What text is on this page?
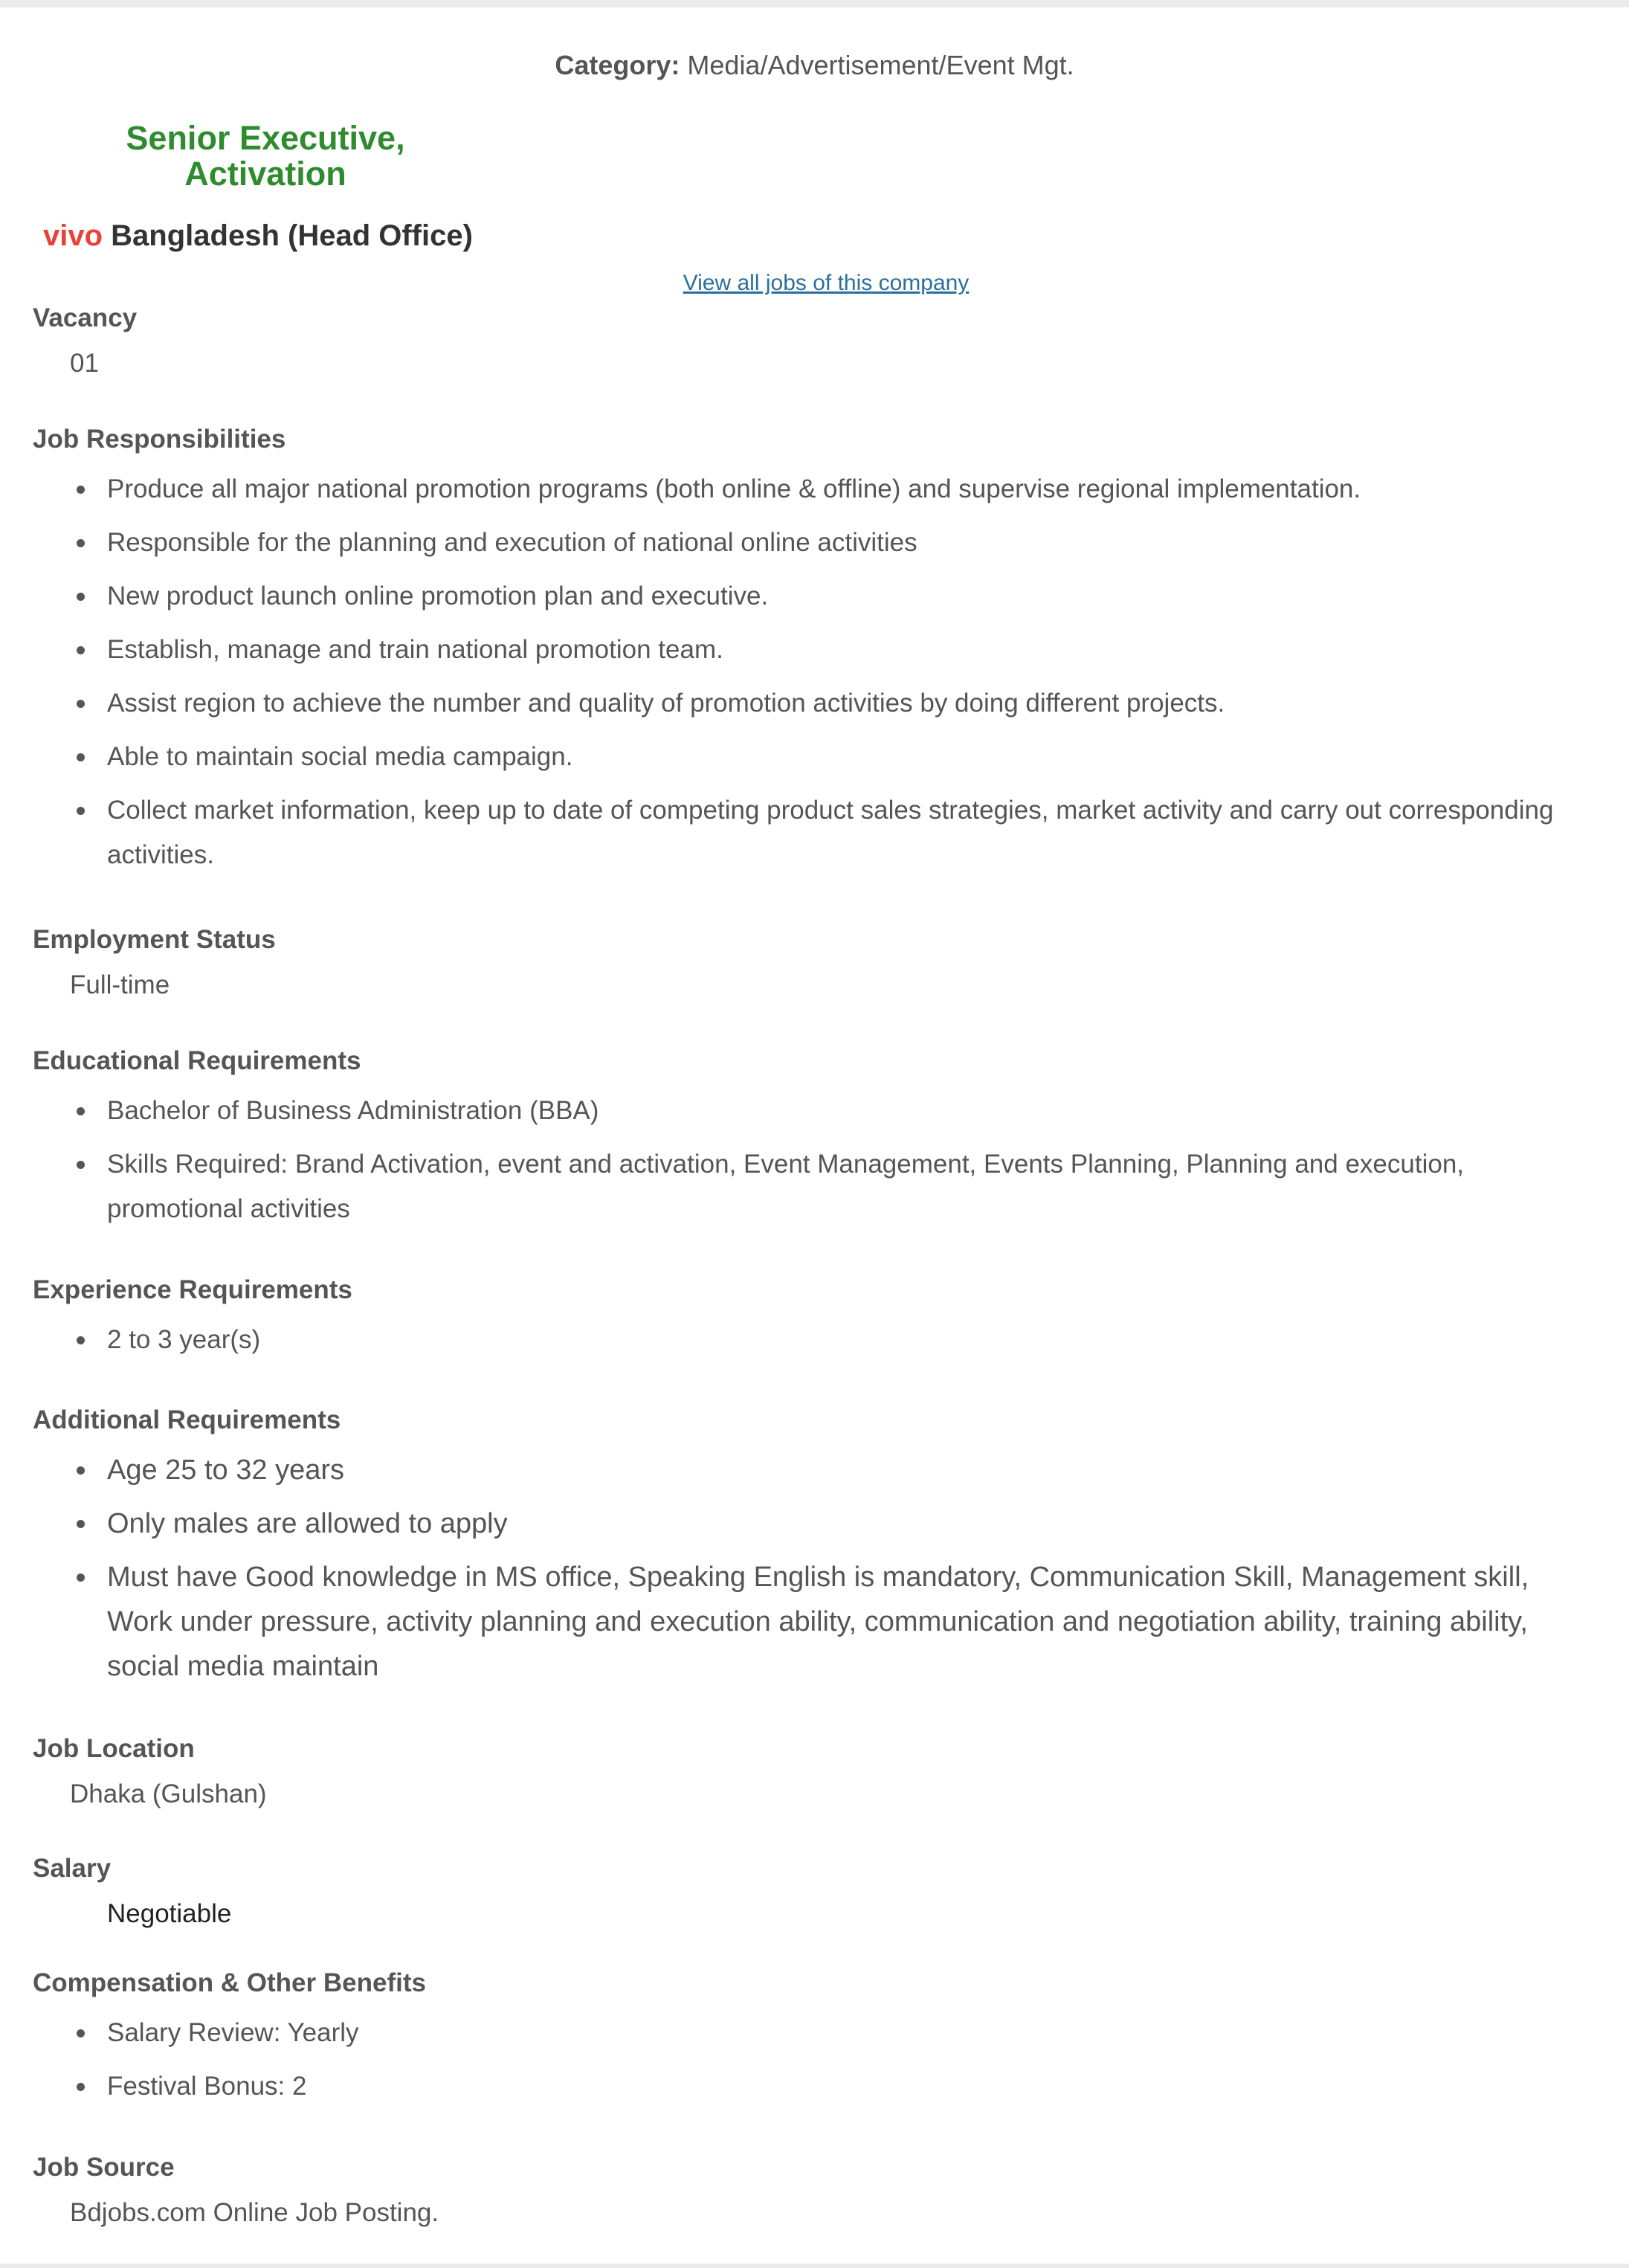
Category: Media/Advertisement/Event Mgt.
Senior Executive, Activation
vivo Bangladesh (Head Office)
View all jobs of this company
Vacancy
01
Job Responsibilities
Produce all major national promotion programs (both online & offline) and supervise regional implementation.
Responsible for the planning and execution of national online activities
New product launch online promotion plan and executive.
Establish, manage and train national promotion team.
Assist region to achieve the number and quality of promotion activities by doing different projects.
Able to maintain social media campaign.
Collect market information, keep up to date of competing product sales strategies, market activity and carry out corresponding activities.
Employment Status
Full-time
Educational Requirements
Bachelor of Business Administration (BBA)
Skills Required: Brand Activation, event and activation, Event Management, Events Planning, Planning and execution, promotional activities
Experience Requirements
2 to 3 year(s)
Additional Requirements
Age 25 to 32 years
Only males are allowed to apply
Must have Good knowledge in MS office, Speaking English is mandatory, Communication Skill, Management skill, Work under pressure, activity planning and execution ability, communication and negotiation ability, training ability, social media maintain
Job Location
Dhaka (Gulshan)
Salary
Negotiable
Compensation & Other Benefits
Salary Review: Yearly
Festival Bonus: 2
Job Source
Bdjobs.com Online Job Posting.
